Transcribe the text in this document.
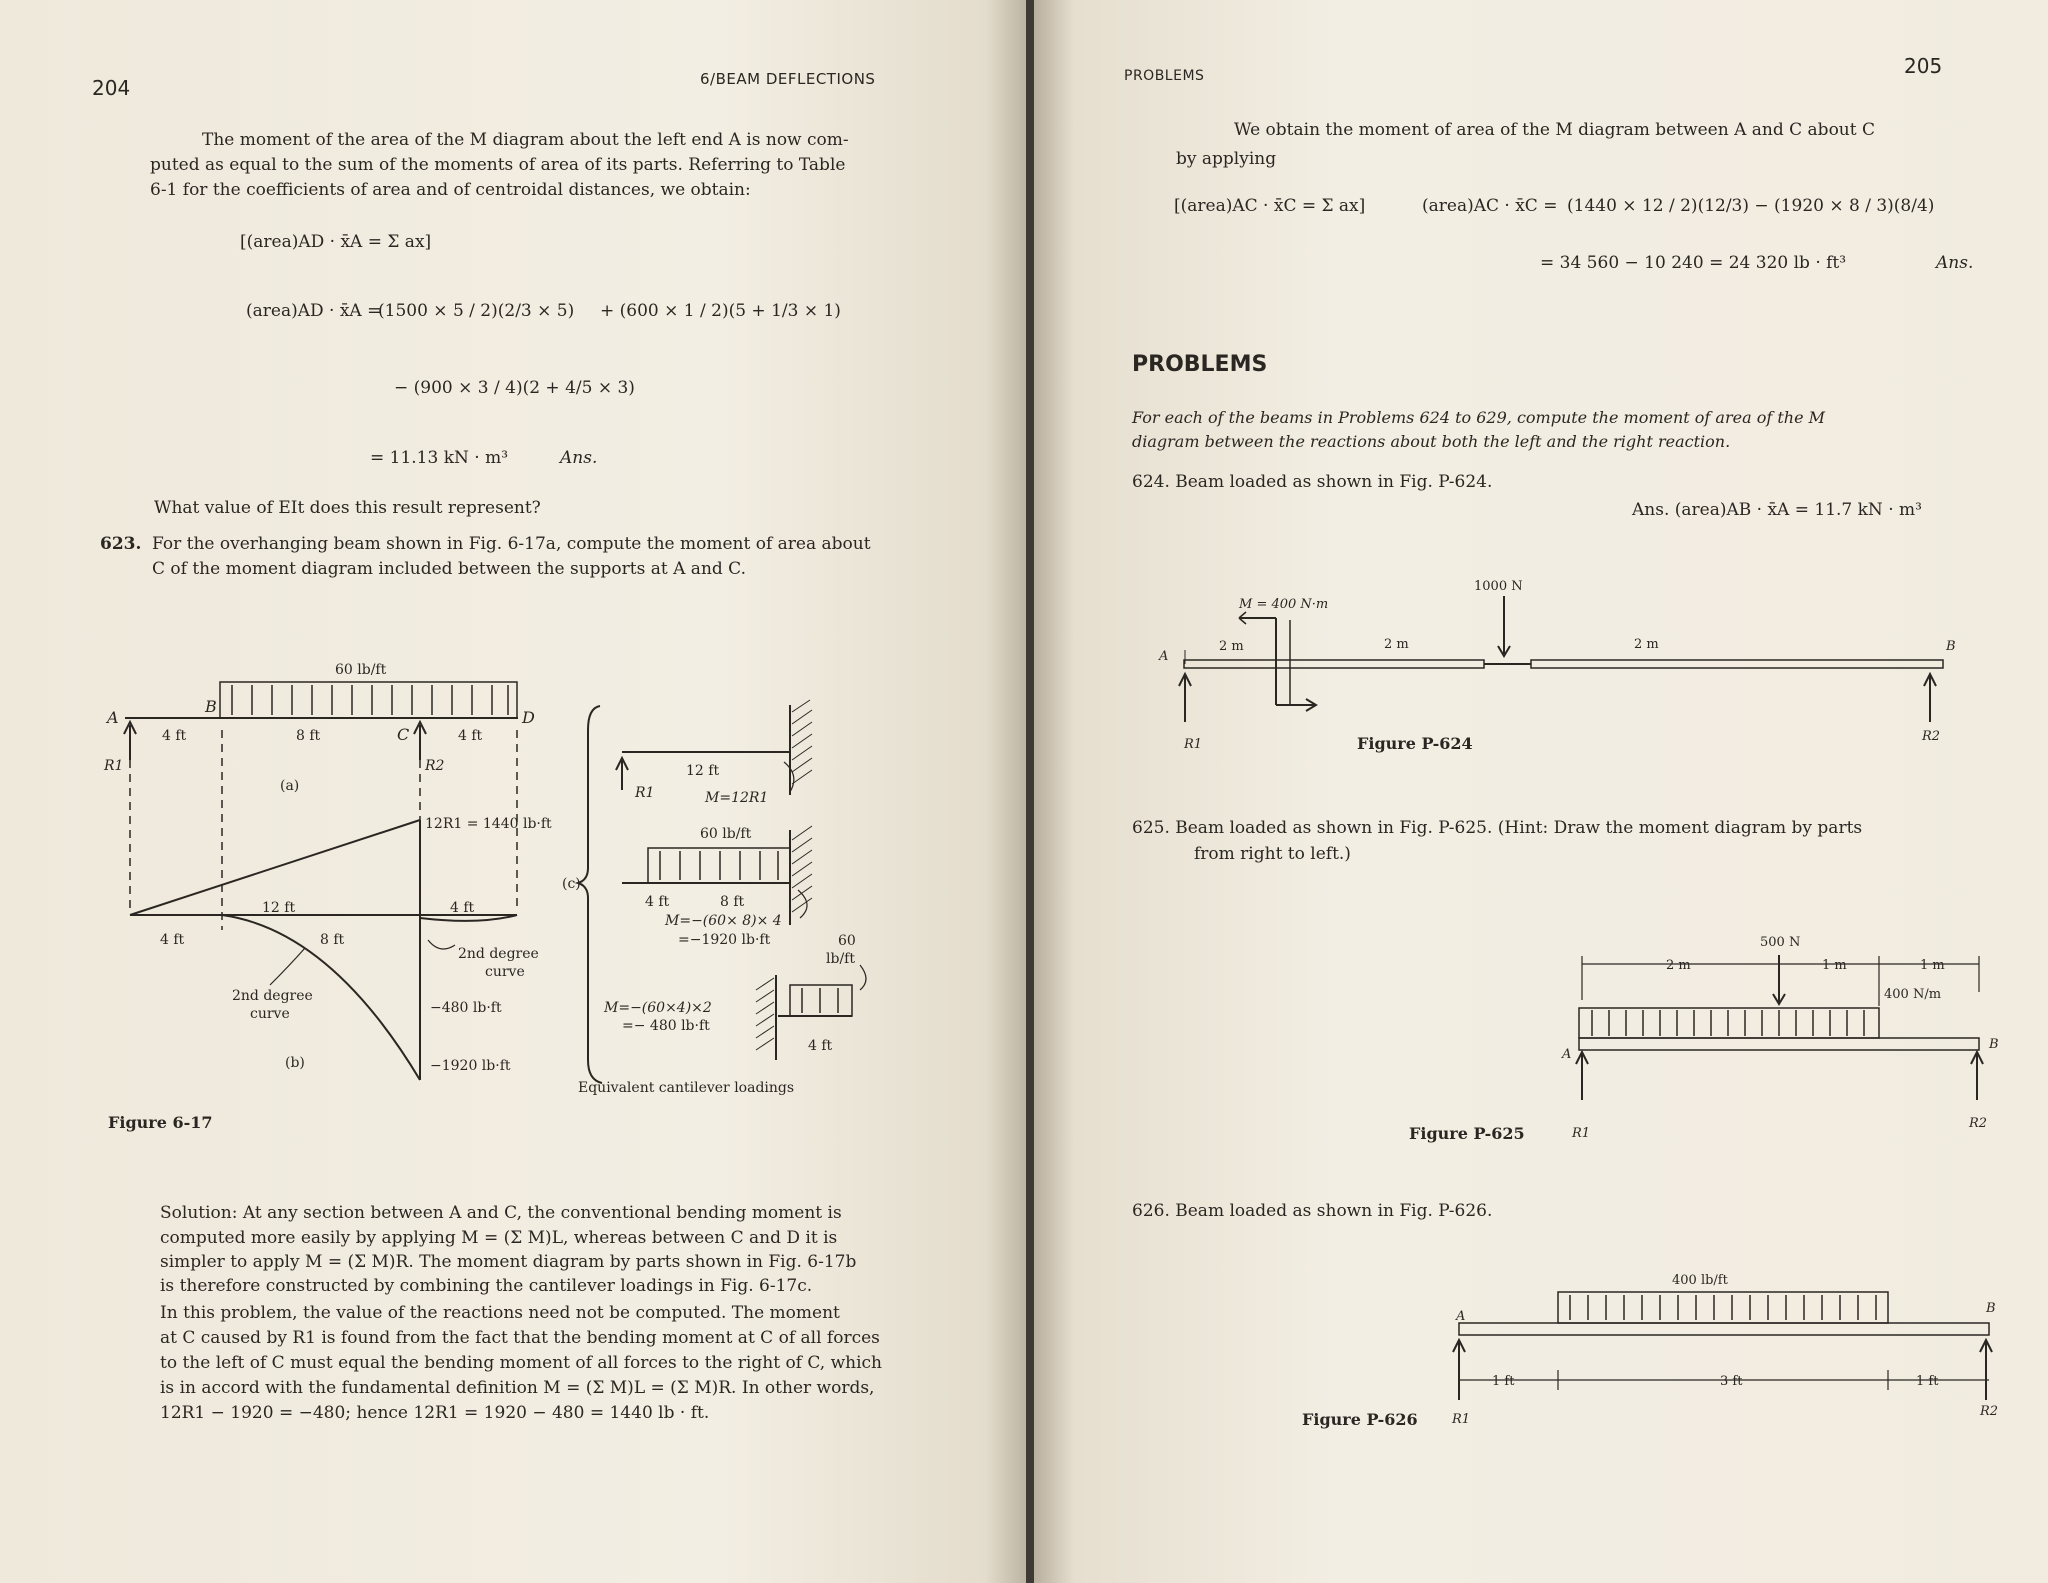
204	6/BEAM DEFLECTIONS
The moment of the area of the M diagram about the left end A is now com-
puted as equal to the sum of the moments of area of its parts. Referring to Table
6-1 for the coefficients of area and of centroidal distances, we obtain:
[(area)AD · x̄A = Σ ax]
(area)AD · x̄A =
(1500 × 5 / 2)(2/3 × 5) + (600 × 1 / 2)(5 + 1/3 × 1)
− (900 × 3 / 4)(2 + 4/5 × 3)
= 11.13 kN · m³	Ans.
What value of EIt does this result represent?
623. For the overhanging beam shown in Fig. 6-17a, compute the moment of area about
C of the moment diagram included between the supports at A and C.
60 lb/ft
A
B
C
D
4 ft	8 ft	4 ft
R1	R2
(a)
12R1 = 1440 lb·ft
12 ft	4 ft
4 ft	8 ft
2nd degree
curve
2nd degree
curve
−480 lb·ft
−1920 lb·ft
(b)
12 ft
R1	M=12R1
60 lb/ft
4 ft	8 ft
M=−(60× 8)× 4
=−1920 lb·ft	60
lb/ft
M=−(60×4)×2
=− 480 lb·ft
4 ft
(c)
Equivalent cantilever loadings
Figure 6-17
Solution: At any section between A and C, the conventional bending moment is
computed more easily by applying M = (Σ M)L, whereas between C and D it is
simpler to apply M = (Σ M)R. The moment diagram by parts shown in Fig. 6-17b
is therefore constructed by combining the cantilever loadings in Fig. 6-17c.
In this problem, the value of the reactions need not be computed. The moment
at C caused by R1 is found from the fact that the bending moment at C of all forces
to the left of C must equal the bending moment of all forces to the right of C, which
is in accord with the fundamental definition M = (Σ M)L = (Σ M)R. In other words,
12R1 − 1920 = −480; hence 12R1 = 1920 − 480 = 1440 lb · ft.
PROBLEMS	205
We obtain the moment of area of the M diagram between A and C about C
by applying
[(area)AC · x̄C = Σ ax]	(area)AC · x̄C = (1440 × 12 / 2)(12/3) − (1920 × 8 / 3)(8/4)
= 34 560 − 10 240 = 24 320 lb · ft³	Ans.
PROBLEMS
For each of the beams in Problems 624 to 629, compute the moment of area of the M
diagram between the reactions about both the left and the right reaction.
624. Beam loaded as shown in Fig. P-624.
Ans. (area)AB · x̄A = 11.7 kN · m³
M = 400 N·m
1000 N
2 m	2 m	2 m
A
B
R1
R2
Figure P-624
625. Beam loaded as shown in Fig. P-625. (Hint: Draw the moment diagram by parts
from right to left.)
500 N
2 m	1 m	1 m
400 N/m
A
B
R1
R2
Figure P-625
626. Beam loaded as shown in Fig. P-626.
400 lb/ft
1 ft	3 ft	1 ft
A
B
R1
R2
Figure P-626
